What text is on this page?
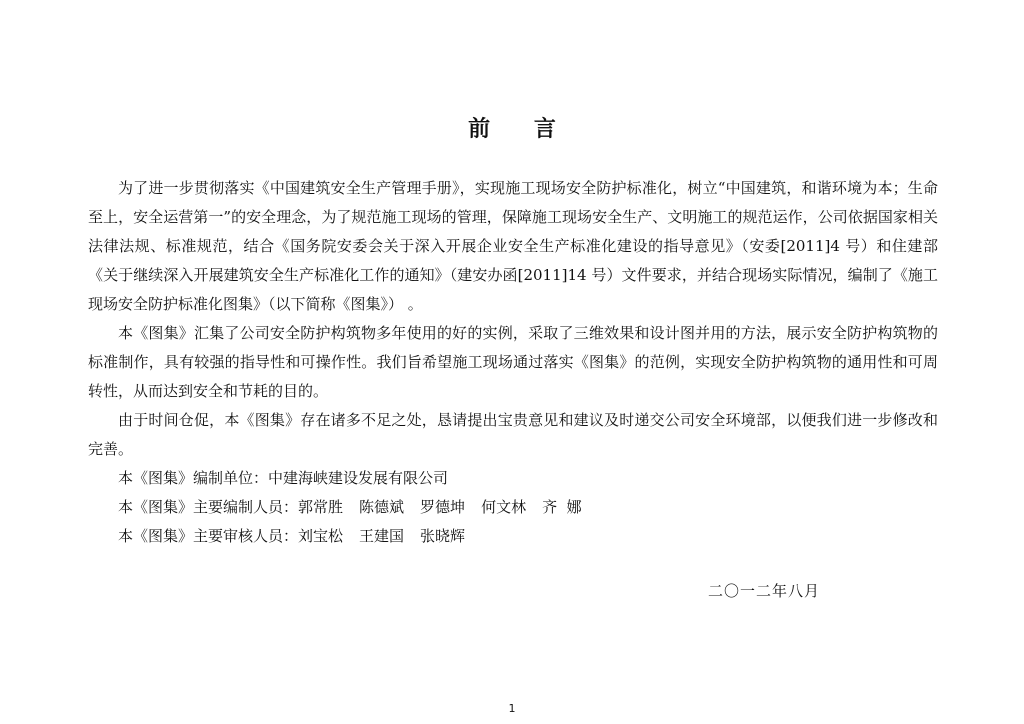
前 言

为了进一步贯彻落实《中国建筑安全生产管理手册》，实现施工现场安全防护标准化，树立“中国建筑，和谐环境为本；生命至上，安全运营第一”的安全理念，为了规范施工现场的管理，保障施工现场安全生产、文明施工的规范运作，公司依据国家相关法律法规、标准规范，结合《国务院安委会关于深入开展企业安全生产标准化建设的指导意见》（安委[2011]4 号）和住建部《关于继续深入开展建筑安全生产标准化工作的通知》（建安办函[2011]14 号）文件要求，并结合现场实际情况，编制了《施工现场安全防护标准化图集》（以下简称《图集》） 。

本《图集》汇集了公司安全防护构筑物多年使用的好的实例，采取了三维效果和设计图并用的方法，展示安全防护构筑物的标准制作，具有较强的指导性和可操作性。我们旨希望施工现场通过落实《图集》的范例，实现安全防护构筑物的通用性和可周转性，从而达到安全和节耗的目的。

由于时间仓促，本《图集》存在诸多不足之处，恳请提出宝贵意见和建议及时递交公司安全环境部，以便我们进一步修改和完善。

本《图集》编制单位：中建海峡建设发展有限公司

本《图集》主要编制人员：郭常胜 陈德斌 罗德坤 何文林 齐  娜

本《图集》主要审核人员：刘宝松 王建国 张晓辉

二〇一二年八月
1
